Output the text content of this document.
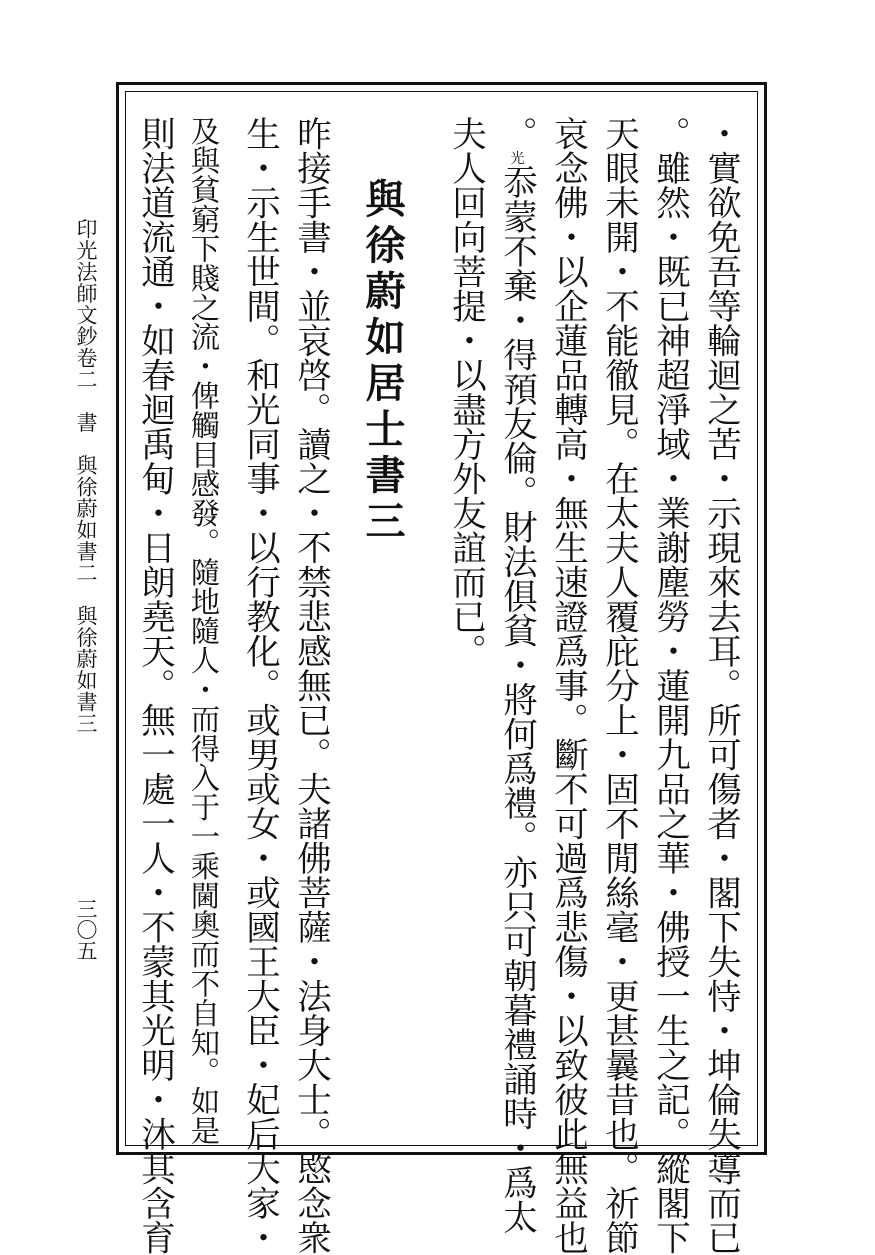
・實欲免吾等輪迴之苦・示現來去耳。所可傷者・閣下失恃・坤倫失導而已
。雖然・既已神超淨域・業謝塵勞・蓮開九品之華・佛授一生之記。縱閣下
天眼未開・不能徹見。在太夫人覆庇分上・固不閒絲毫・更甚曩昔也。祈節
哀念佛・以企蓮品轉高・無生速證爲事。斷不可過爲悲傷・以致彼此無益也
。光忝蒙不棄・得預友倫。財法俱貧・將何爲禮。亦只可朝暮禮誦時・爲太
夫人回向菩提・以盡方外友誼而已。
與徐蔚如居士書三
昨接手書・並哀啓。讀之・不禁悲感無已。夫諸佛菩薩・法身大士。愍念衆
生・示生世間。和光同事・以行教化。或男或女・或國王大臣・妃后大家・
及與貧窮下賤之流・俾觸目感發。隨地隨人・而得入于一乘閫奧而不自知。如是
則法道流通・如春迴禹甸・日朗堯天。無一處一人・不蒙其光明・沐其含育
印光法師文鈔卷二　書　與徐蔚如書二　與徐蔚如書三
三〇五
